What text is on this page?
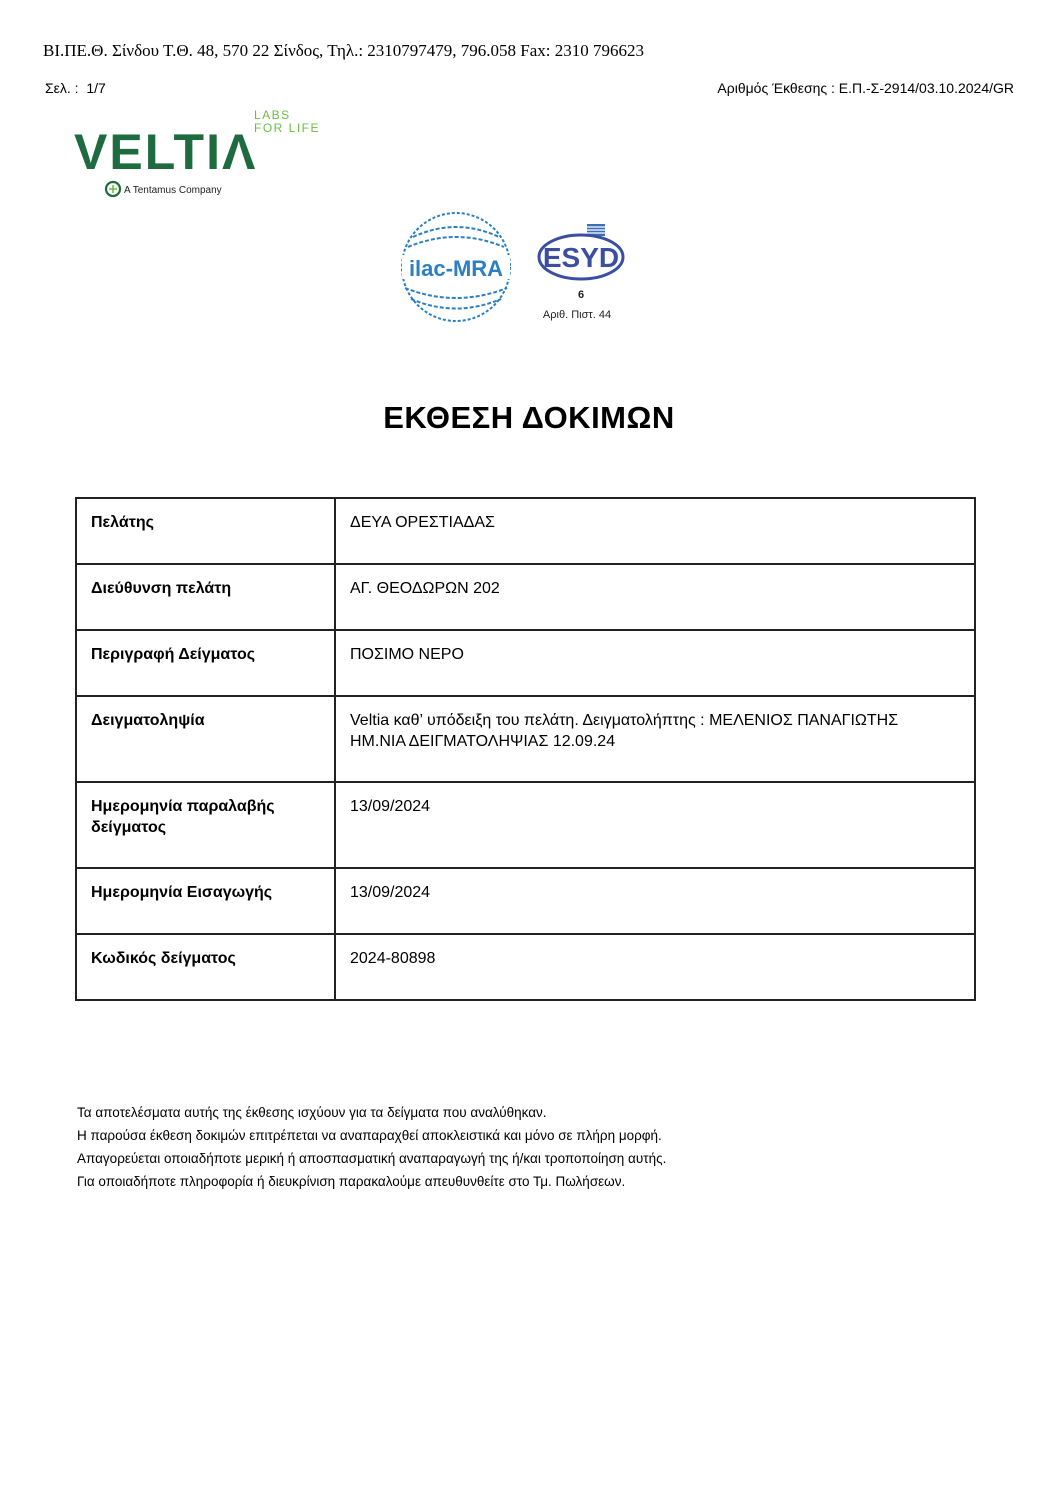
ΒΙ.ΠΕ.Θ. Σίνδου Τ.Θ. 48, 570 22 Σίνδος, Τηλ.: 2310797479, 796.058 Fax: 2310 796623
Σελ. : 1/7	Αριθμός Έκθεσης : Ε.Π.-Σ-2914/03.10.2024/GR
VELTIΛ
LABS
FOR LIFE
A Tentamus Company
ilac-MRA ESYD
6
Αριθ. Πιστ. 44
ΕΚΘΕΣΗ ΔΟΚΙΜΩΝ
Πελάτης	ΔΕΥΑ ΟΡΕΣΤΙΑΔΑΣ
Διεύθυνση πελάτη	ΑΓ. ΘΕΟΔΩΡΩΝ 202
Περιγραφή Δείγματος	ΠΟΣΙΜΟ ΝΕΡΟ
Δειγματοληψία	Veltia καθ’ υπόδειξη του πελάτη. Δειγματολήπτης : ΜΕΛΕΝΙΟΣ ΠΑΝΑΓΙΩΤΗΣ
ΗΜ.ΝΙΑ ΔΕΙΓΜΑΤΟΛΗΨΙΑΣ 12.09.24

Ημερομηνία παραλαβής
δείγματος	13/09/2024
Ημερομηνία Εισαγωγής	13/09/2024
Κωδικός δείγματος	2024-80898

Τα αποτελέσματα αυτής της έκθεσης ισχύουν για τα δείγματα που αναλύθηκαν.

Η παρούσα έκθεση δοκιμών επιτρέπεται να αναπαραχθεί αποκλειστικά και μόνο σε πλήρη μορφή.

Απαγορεύεται οποιαδήποτε μερική ή αποσπασματική αναπαραγωγή της ή/και τροποποίηση αυτής.

Για οποιαδήποτε πληροφορία ή διευκρίνιση παρακαλούμε απευθυνθείτε στο Τμ. Πωλήσεων.
